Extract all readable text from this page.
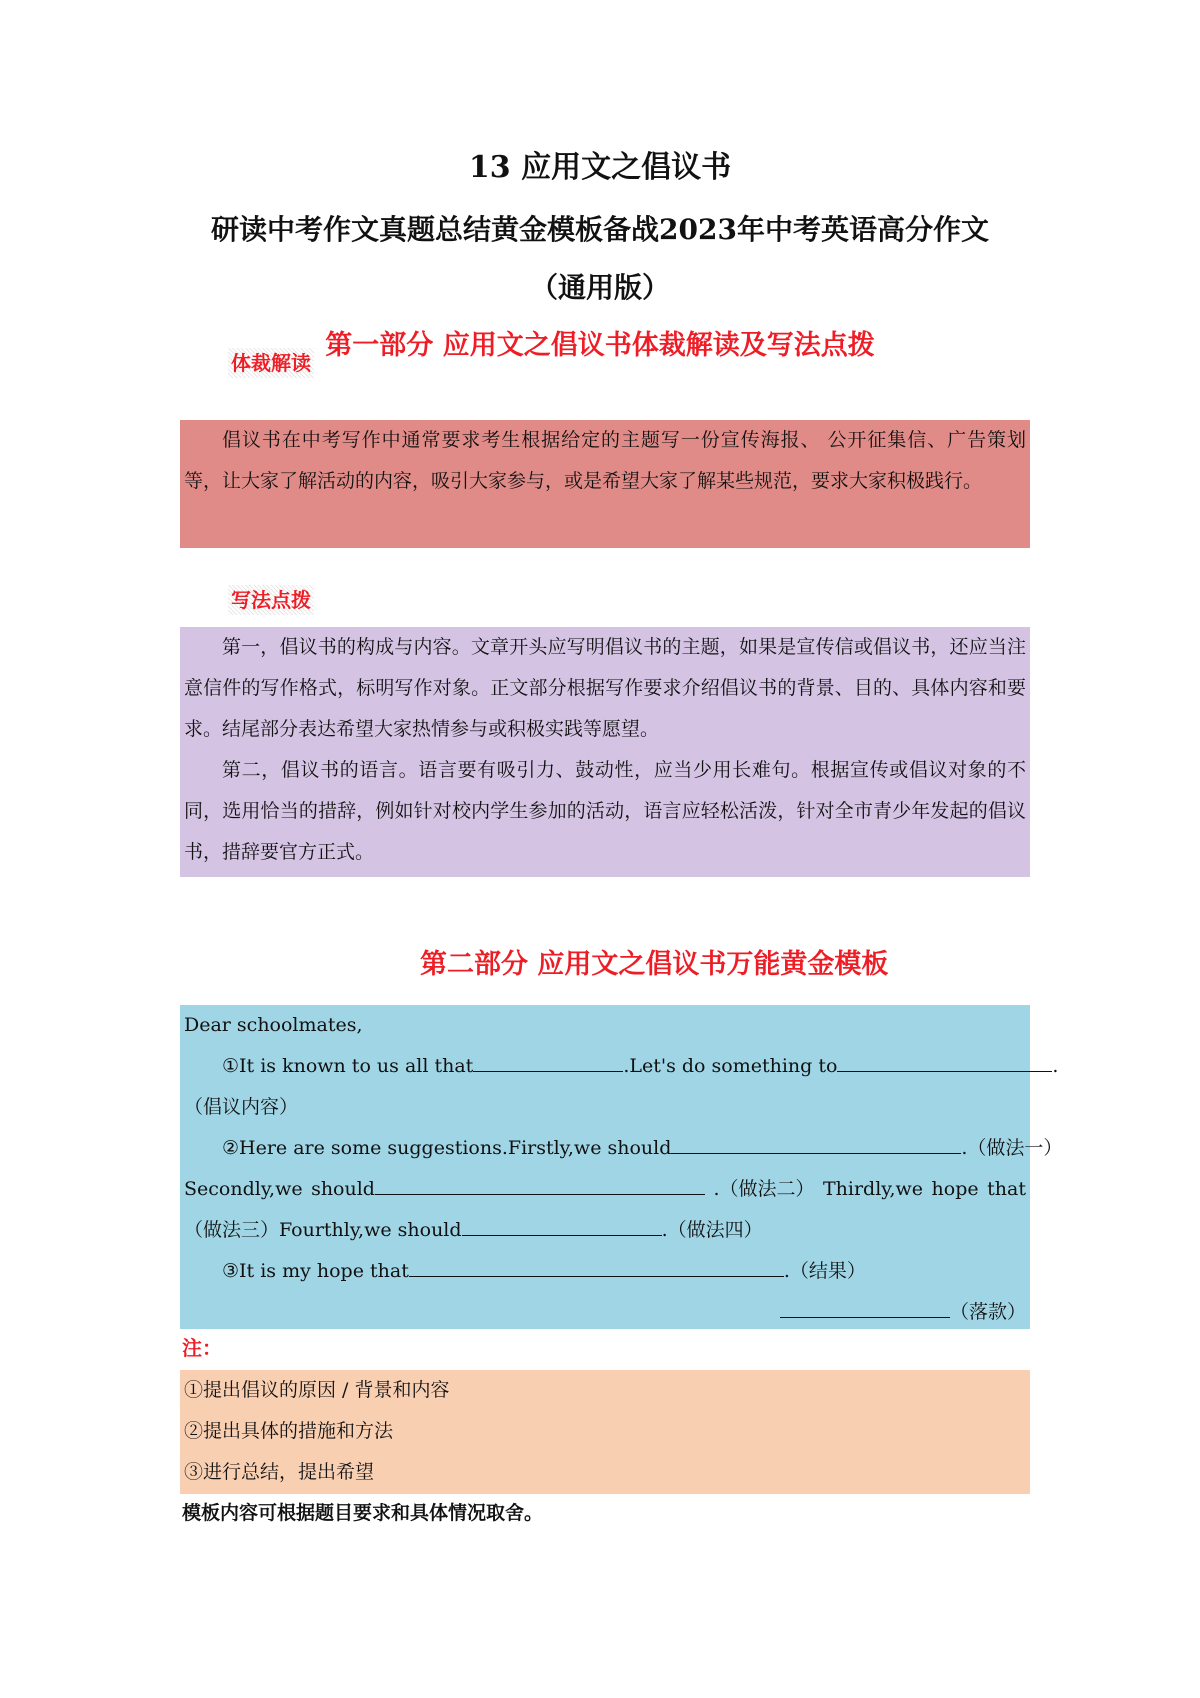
13 应用文之倡议书
研读中考作文真题总结黄金模板备战2023年中考英语高分作文
（通用版）
第一部分 应用文之倡议书体裁解读及写法点拨
体裁解读

倡议书在中考写作中通常要求考生根据给定的主题写一份宣传海报、 公开征集信、广告策划等，让大家了解活动的内容，吸引大家参与，或是希望大家了解某些规范，要求大家积极践行。

写法点拨

第一，倡议书的构成与内容。文章开头应写明倡议书的主题，如果是宣传信或倡议书，还应当注意信件的写作格式，标明写作对象。正文部分根据写作要求介绍倡议书的背景、目的、具体内容和要求。结尾部分表达希望大家热情参与或积极实践等愿望。

第二，倡议书的语言。语言要有吸引力、鼓动性，应当少用长难句。根据宣传或倡议对象的不同，选用恰当的措辞，例如针对校内学生参加的活动，语言应轻松活泼，针对全市青少年发起的倡议书，措辞要官方正式。

第二部分 应用文之倡议书万能黄金模板

Dear schoolmates,

①It is known to us all that	.Let's do something to	.

（倡议内容）

②Here are some suggestions.Firstly,we should	.（做法一）

Secondly,we should	.（做法二） Thirdly,we hope that

（做法三）Fourthly,we should	.（做法四）

③It is my hope that	.（结果）

（落款）

注：

①提出倡议的原因 / 背景和内容

②提出具体的措施和方法

③进行总结，提出希望

模板内容可根据题目要求和具体情况取舍。
